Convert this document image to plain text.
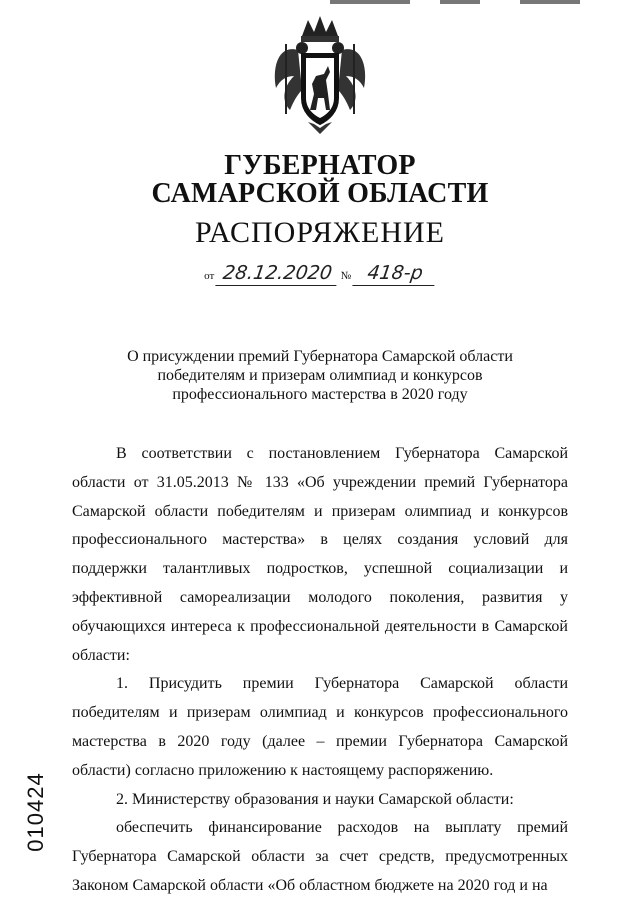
ГУБЕРНАТОР
САМАРСКОЙ ОБЛАСТИ
РАСПОРЯЖЕНИЕ
от 28.12.2020 № 418-р
О присуждении премий Губернатора Самарской области
победителям и призерам олимпиад и конкурсов
профессионального мастерства в 2020 году

В соответствии с постановлением Губернатора Самарской области от 31.05.2013 № 133 «Об учреждении премий Губернатора Самарской области победителям и призерам олимпиад и конкурсов профессионального мастерства» в целях создания условий для поддержки талантливых подростков, успешной социализации и эффективной самореализации молодого поколения, развития у обучающихся интереса к профессиональной деятельности в Самарской области:

1. Присудить премии Губернатора Самарской области победителям и призерам олимпиад и конкурсов профессионального мастерства в 2020 году (далее – премии Губернатора Самарской области) согласно приложению к настоящему распоряжению.

2. Министерству образования и науки Самарской области:

обеспечить финансирование расходов на выплату премий Губернатора Самарской области за счет средств, предусмотренных Законом Самарской области «Об областном бюджете на 2020 год и на

010424
